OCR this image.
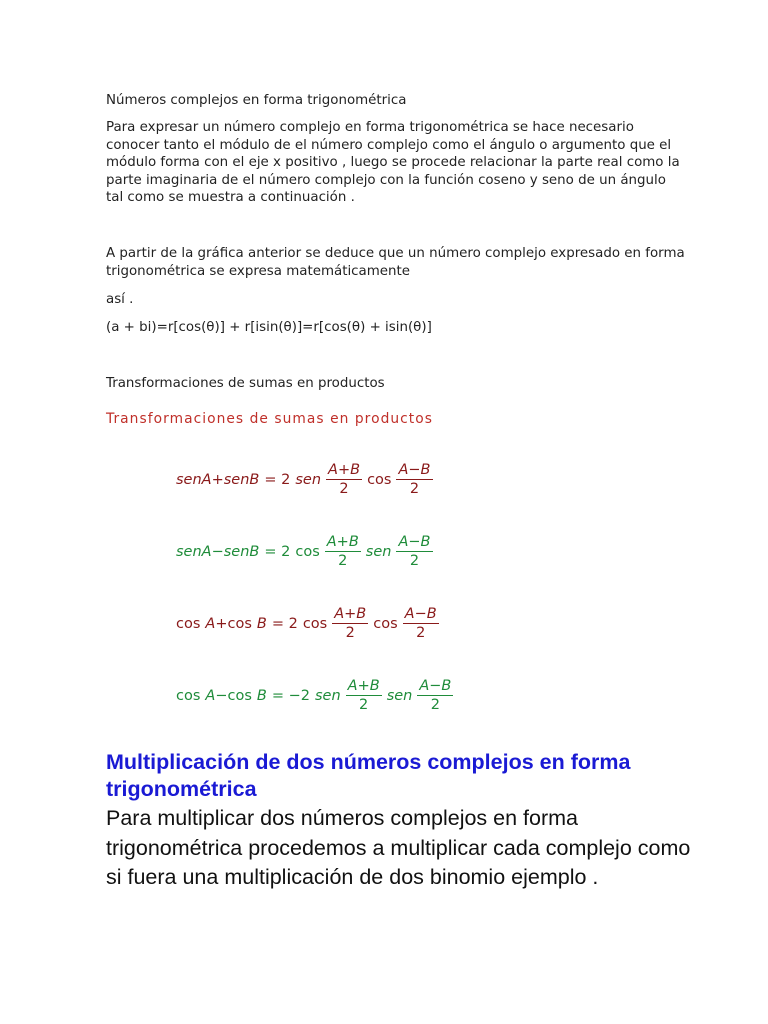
Números complejos en forma trigonométrica

Para expresar un número complejo en forma trigonométrica se hace necesario conocer tanto el módulo de el número complejo como el ángulo o argumento que el módulo forma con el eje x positivo , luego se procede relacionar la parte real como la parte imaginaria de el número complejo con la función coseno y seno de un ángulo tal como se muestra a continuación .

A partir de la gráfica anterior se deduce que un número complejo expresado en forma trigonométrica se expresa matemáticamente

así .

(a + bi)=r[cos(θ)] + r[isin(θ)]=r[cos(θ) + isin(θ)]

Transformaciones de sumas en productos

Transformaciones de sumas en productos
sen A + sen B = 2 sen $\frac{A+B}{2}$ $\cos \frac{A-B}{2}$
sen A − sen B = 2 $\cos \frac{A+B}{2}$ sen $\frac{A-B}{2}$
cos A + cos B = 2 $\cos \frac{A+B}{2}$ $\cos \frac{A-B}{2}$
cos A − cos B = −2 sen $\frac{A+B}{2}$ sen $\frac{A-B}{2}$
Multiplicación de dos números complejos en forma trigonométrica

Para multiplicar dos números complejos en forma trigonométrica procedemos a multiplicar cada complejo como si fuera una multiplicación de dos binomio ejemplo .
